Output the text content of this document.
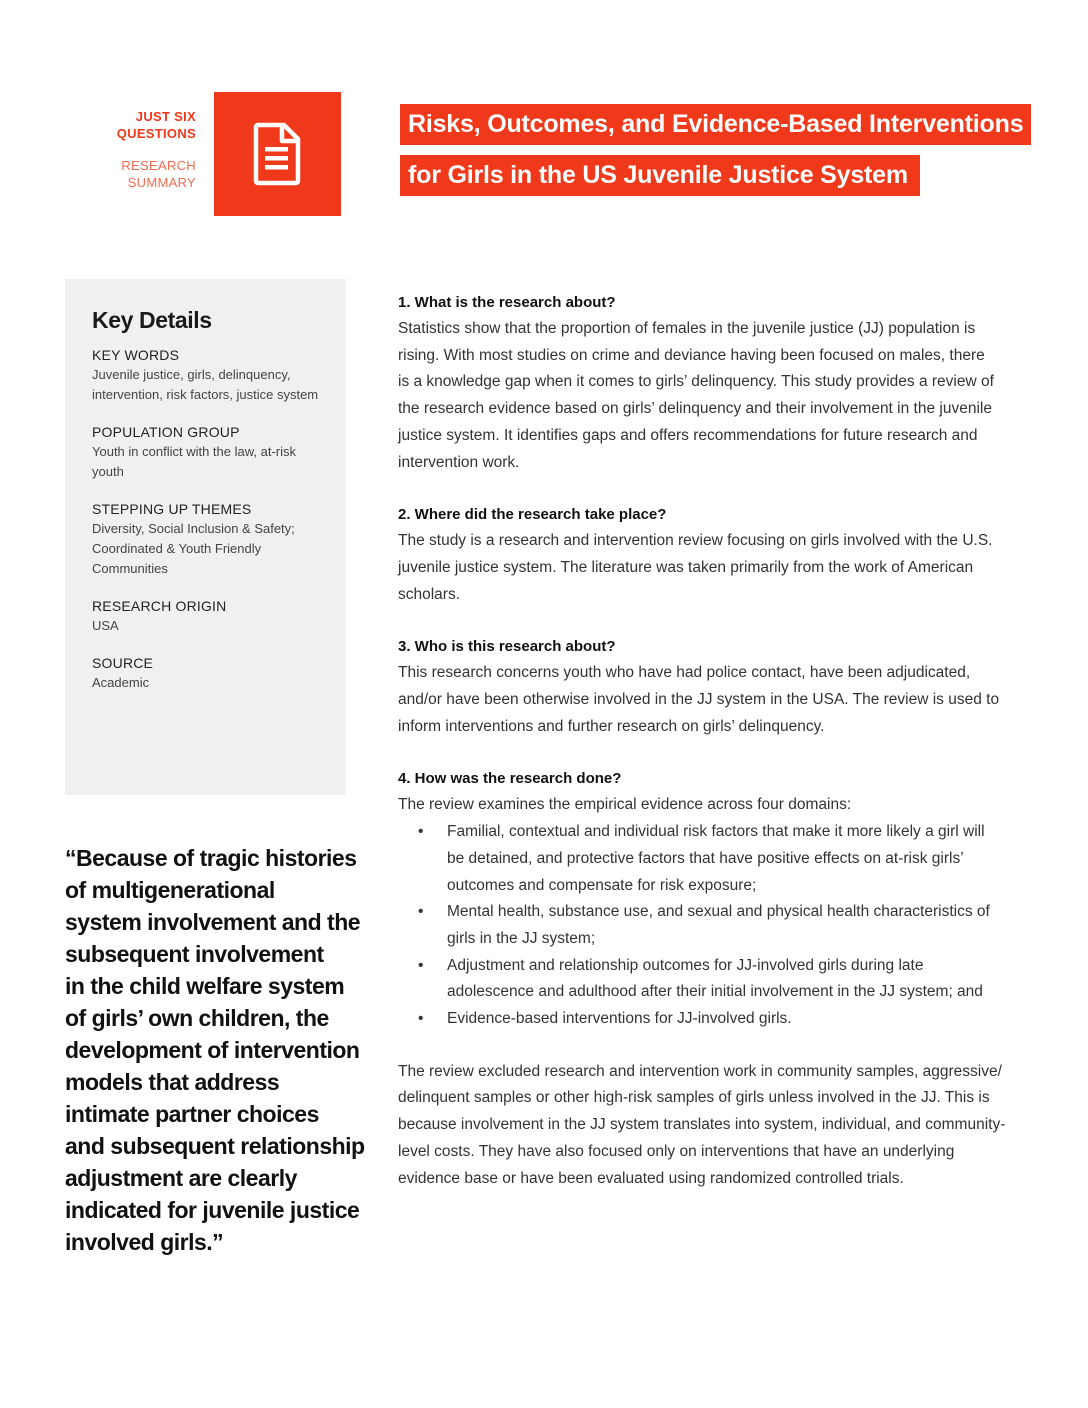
JUST SIX
QUESTIONS
RESEARCH
SUMMARY
Risks, Outcomes, and Evidence-Based Interventions
for Girls in the US Juvenile Justice System
Key Details
KEY WORDS
Juvenile justice, girls, delinquency, intervention, risk factors, justice system
POPULATION GROUP
Youth in conflict with the law, at-risk youth
STEPPING UP THEMES
Diversity, Social Inclusion & Safety; Coordinated & Youth Friendly Communities
RESEARCH ORIGIN
USA
SOURCE
Academic
“Because of tragic histories
of multigenerational
system involvement and the
subsequent involvement
in the child welfare system
of girls’ own children, the
development of intervention
models that address
intimate partner choices
and subsequent relationship
adjustment are clearly
indicated for juvenile justice
involved girls.”
1. What is the research about?
Statistics show that the proportion of females in the juvenile justice (JJ) population is
rising. With most studies on crime and deviance having been focused on males, there
is a knowledge gap when it comes to girls’ delinquency. This study provides a review of
the research evidence based on girls’ delinquency and their involvement in the juvenile
justice system. It identifies gaps and offers recommendations for future research and
intervention work.
2. Where did the research take place?
The study is a research and intervention review focusing on girls involved with the U.S.
juvenile justice system. The literature was taken primarily from the work of American
scholars.
3. Who is this research about?
This research concerns youth who have had police contact, have been adjudicated,
and/or have been otherwise involved in the JJ system in the USA. The review is used to
inform interventions and further research on girls’ delinquency.
4. How was the research done?
The review examines the empirical evidence across four domains:
• Familial, contextual and individual risk factors that make it more likely a girl will
be detained, and protective factors that have positive effects on at-risk girls’
outcomes and compensate for risk exposure;
• Mental health, substance use, and sexual and physical health characteristics of
girls in the JJ system;
• Adjustment and relationship outcomes for JJ-involved girls during late
adolescence and adulthood after their initial involvement in the JJ system; and
• Evidence-based interventions for JJ-involved girls.
The review excluded research and intervention work in community samples, aggressive/
delinquent samples or other high-risk samples of girls unless involved in the JJ. This is
because involvement in the JJ system translates into system, individual, and community-
level costs. They have also focused only on interventions that have an underlying
evidence base or have been evaluated using randomized controlled trials.
